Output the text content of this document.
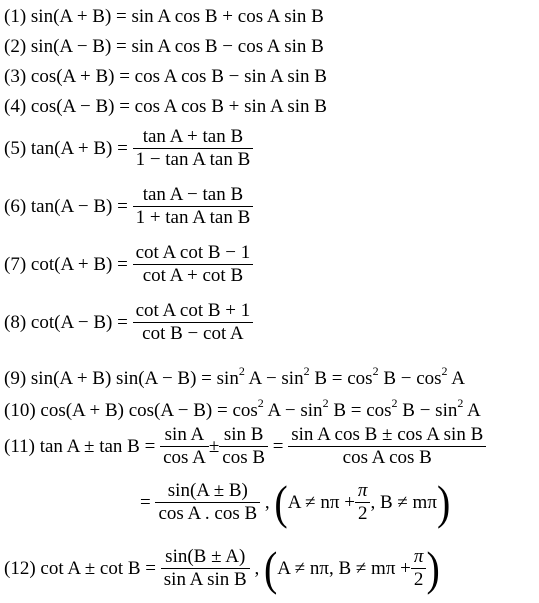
(1) sin(A + B) = sin A cos B + cos A sin B
(2) sin(A − B) = sin A cos B − cos A sin B
(3) cos(A + B) = cos A cos B − sin A sin B
(4) cos(A − B) = cos A cos B + sin A sin B
(5) $\tan(A + B) = \frac{\text{tan A + tan B}}{\text{1 − tan A tan B}}$
(6) $\tan(A - B) = \frac{\text{tan A − tan B}}{\text{1 + tan A tan B}}$
(7) $\cot(A + B) = \frac{\text{cot A cot B − 1}}{\text{cot A + cot B}}$
(8) $\cot(A - B) = \frac{\text{cot A cot B + 1}}{\text{cot B − cot A}}$
(9) sin(A + B) $\sin(A - B) = \sin^2 A - \sin^2 B = \cos^2 B - \cos^2 A$
(10) cos(A + B) $\cos(A - B) = \cos^2 A - \sin^2 B = \cos^2 B - \sin^2 A$
(11) $\tan A \pm \tan B = \frac{\text{sin A}}{\text{cos A}} \pm \frac{\text{sin B}}{\text{cos B}} = \frac{\text{sin A cos B ± cos A sin B}}{\text{cos A cos B}}$
= $\frac{\sin(A \pm B)}{\text{cos A . cos B}}$ , ($A \ne n\pi + \frac{\pi}{2}$ , B ≠ mπ)
(12) $\cot A \pm \cot B = \frac{\sin(B \pm A)}{\text{sin A sin B}}$ , (A ≠ nπ, $B \ne m\pi + \frac{\pi}{2}$ )
